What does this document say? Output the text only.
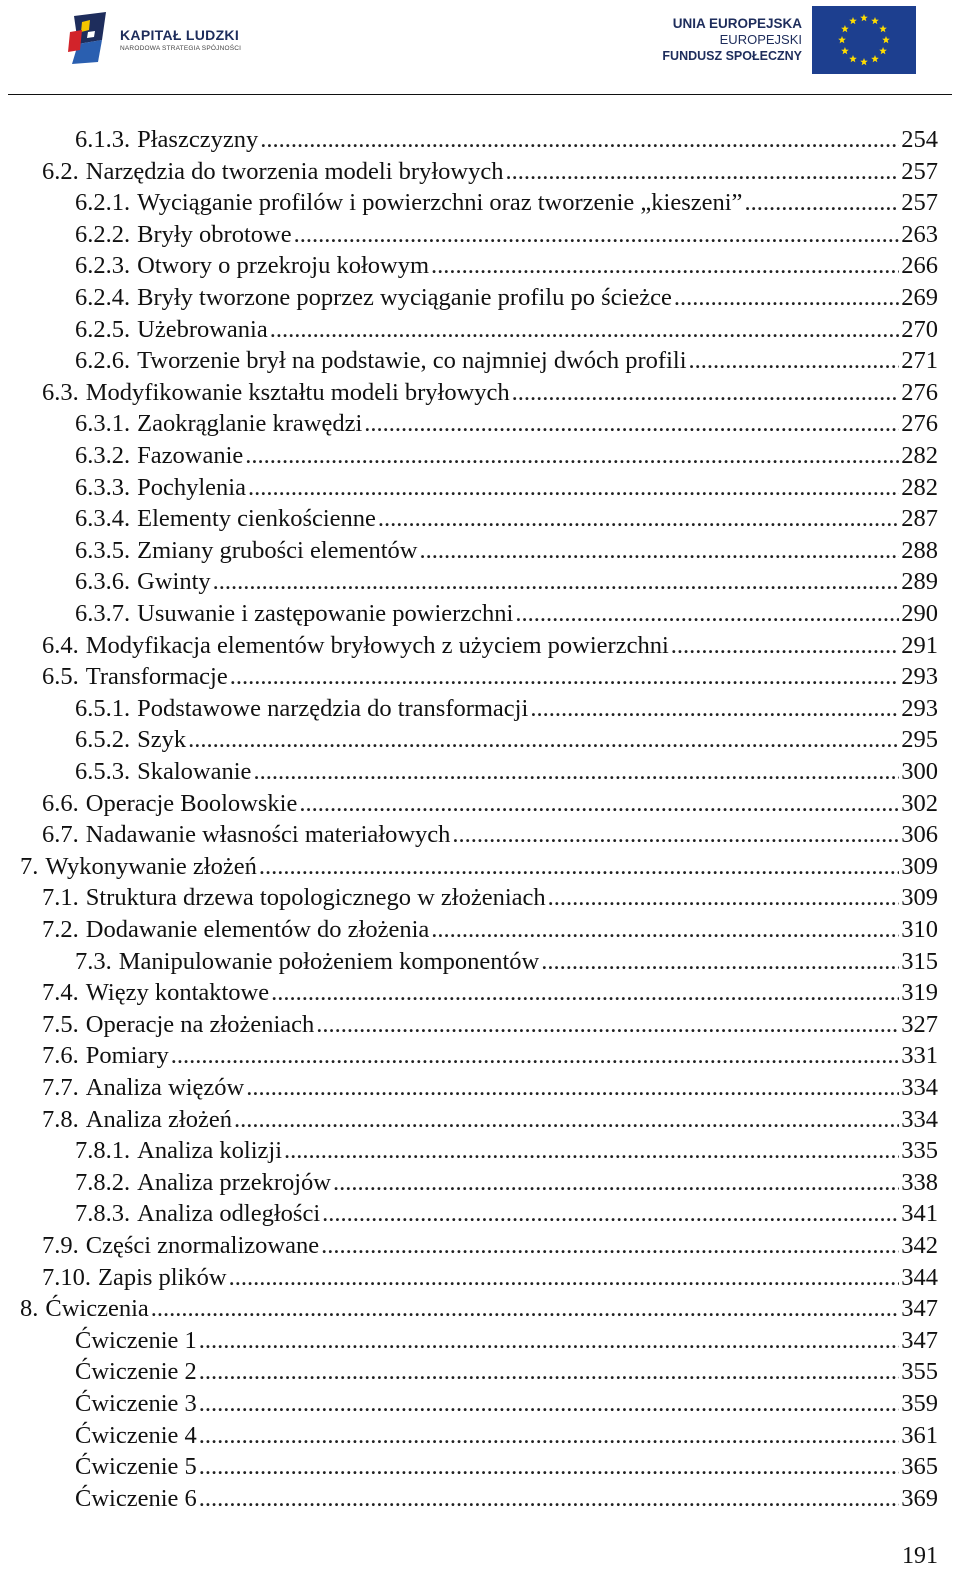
KAPITAŁ LUDZKI
NARODOWA STRATEGIA SPÓJNOŚCI
UNIA EUROPEJSKA
EUROPEJSKI
FUNDUSZ SPOŁECZNY
6.1.3. Płaszczyzny .....	254
6.2. Narzędzia do tworzenia modeli bryłowych .....	257
6.2.1. Wyciąganie profilów i powierzchni oraz tworzenie „kieszeni” .....	257
6.2.2. Bryły obrotowe .....	263
6.2.3. Otwory o przekroju kołowym .....	266
6.2.4. Bryły tworzone poprzez wyciąganie profilu po ścieżce .....	269
6.2.5. Użebrowania .....	270
6.2.6. Tworzenie brył na podstawie, co najmniej dwóch profili .....	271
6.3. Modyfikowanie kształtu modeli bryłowych .....	276
6.3.1. Zaokrąglanie krawędzi .....	276
6.3.2. Fazowanie .....	282
6.3.3. Pochylenia .....	282
6.3.4. Elementy cienkościenne .....	287
6.3.5. Zmiany grubości elementów .....	288
6.3.6. Gwinty .....	289
6.3.7. Usuwanie i zastępowanie powierzchni .....	290
6.4. Modyfikacja elementów bryłowych z użyciem powierzchni .....	291
6.5. Transformacje .....	293
6.5.1. Podstawowe narzędzia do transformacji .....	293
6.5.2. Szyk .....	295
6.5.3. Skalowanie .....	300
6.6. Operacje Boolowskie .....	302
6.7. Nadawanie własności materiałowych .....	306
7. Wykonywanie złożeń .....	309
7.1. Struktura drzewa topologicznego w złożeniach .....	309
7.2. Dodawanie elementów do złożenia .....	310
7.3. Manipulowanie położeniem komponentów .....	315
7.4. Więzy kontaktowe .....	319
7.5. Operacje na złożeniach .....	327
7.6. Pomiary .....	331
7.7. Analiza więzów .....	334
7.8. Analiza złożeń .....	334
7.8.1. Analiza kolizji .....	335
7.8.2. Analiza przekrojów .....	338
7.8.3. Analiza odległości .....	341
7.9. Części znormalizowane .....	342
7.10. Zapis plików .....	344
8. Ćwiczenia .....	347
Ćwiczenie 1 .....	347
Ćwiczenie 2 .....	355
Ćwiczenie 3 .....	359
Ćwiczenie 4 .....	361
Ćwiczenie 5 .....	365
Ćwiczenie 6 .....	369
191
